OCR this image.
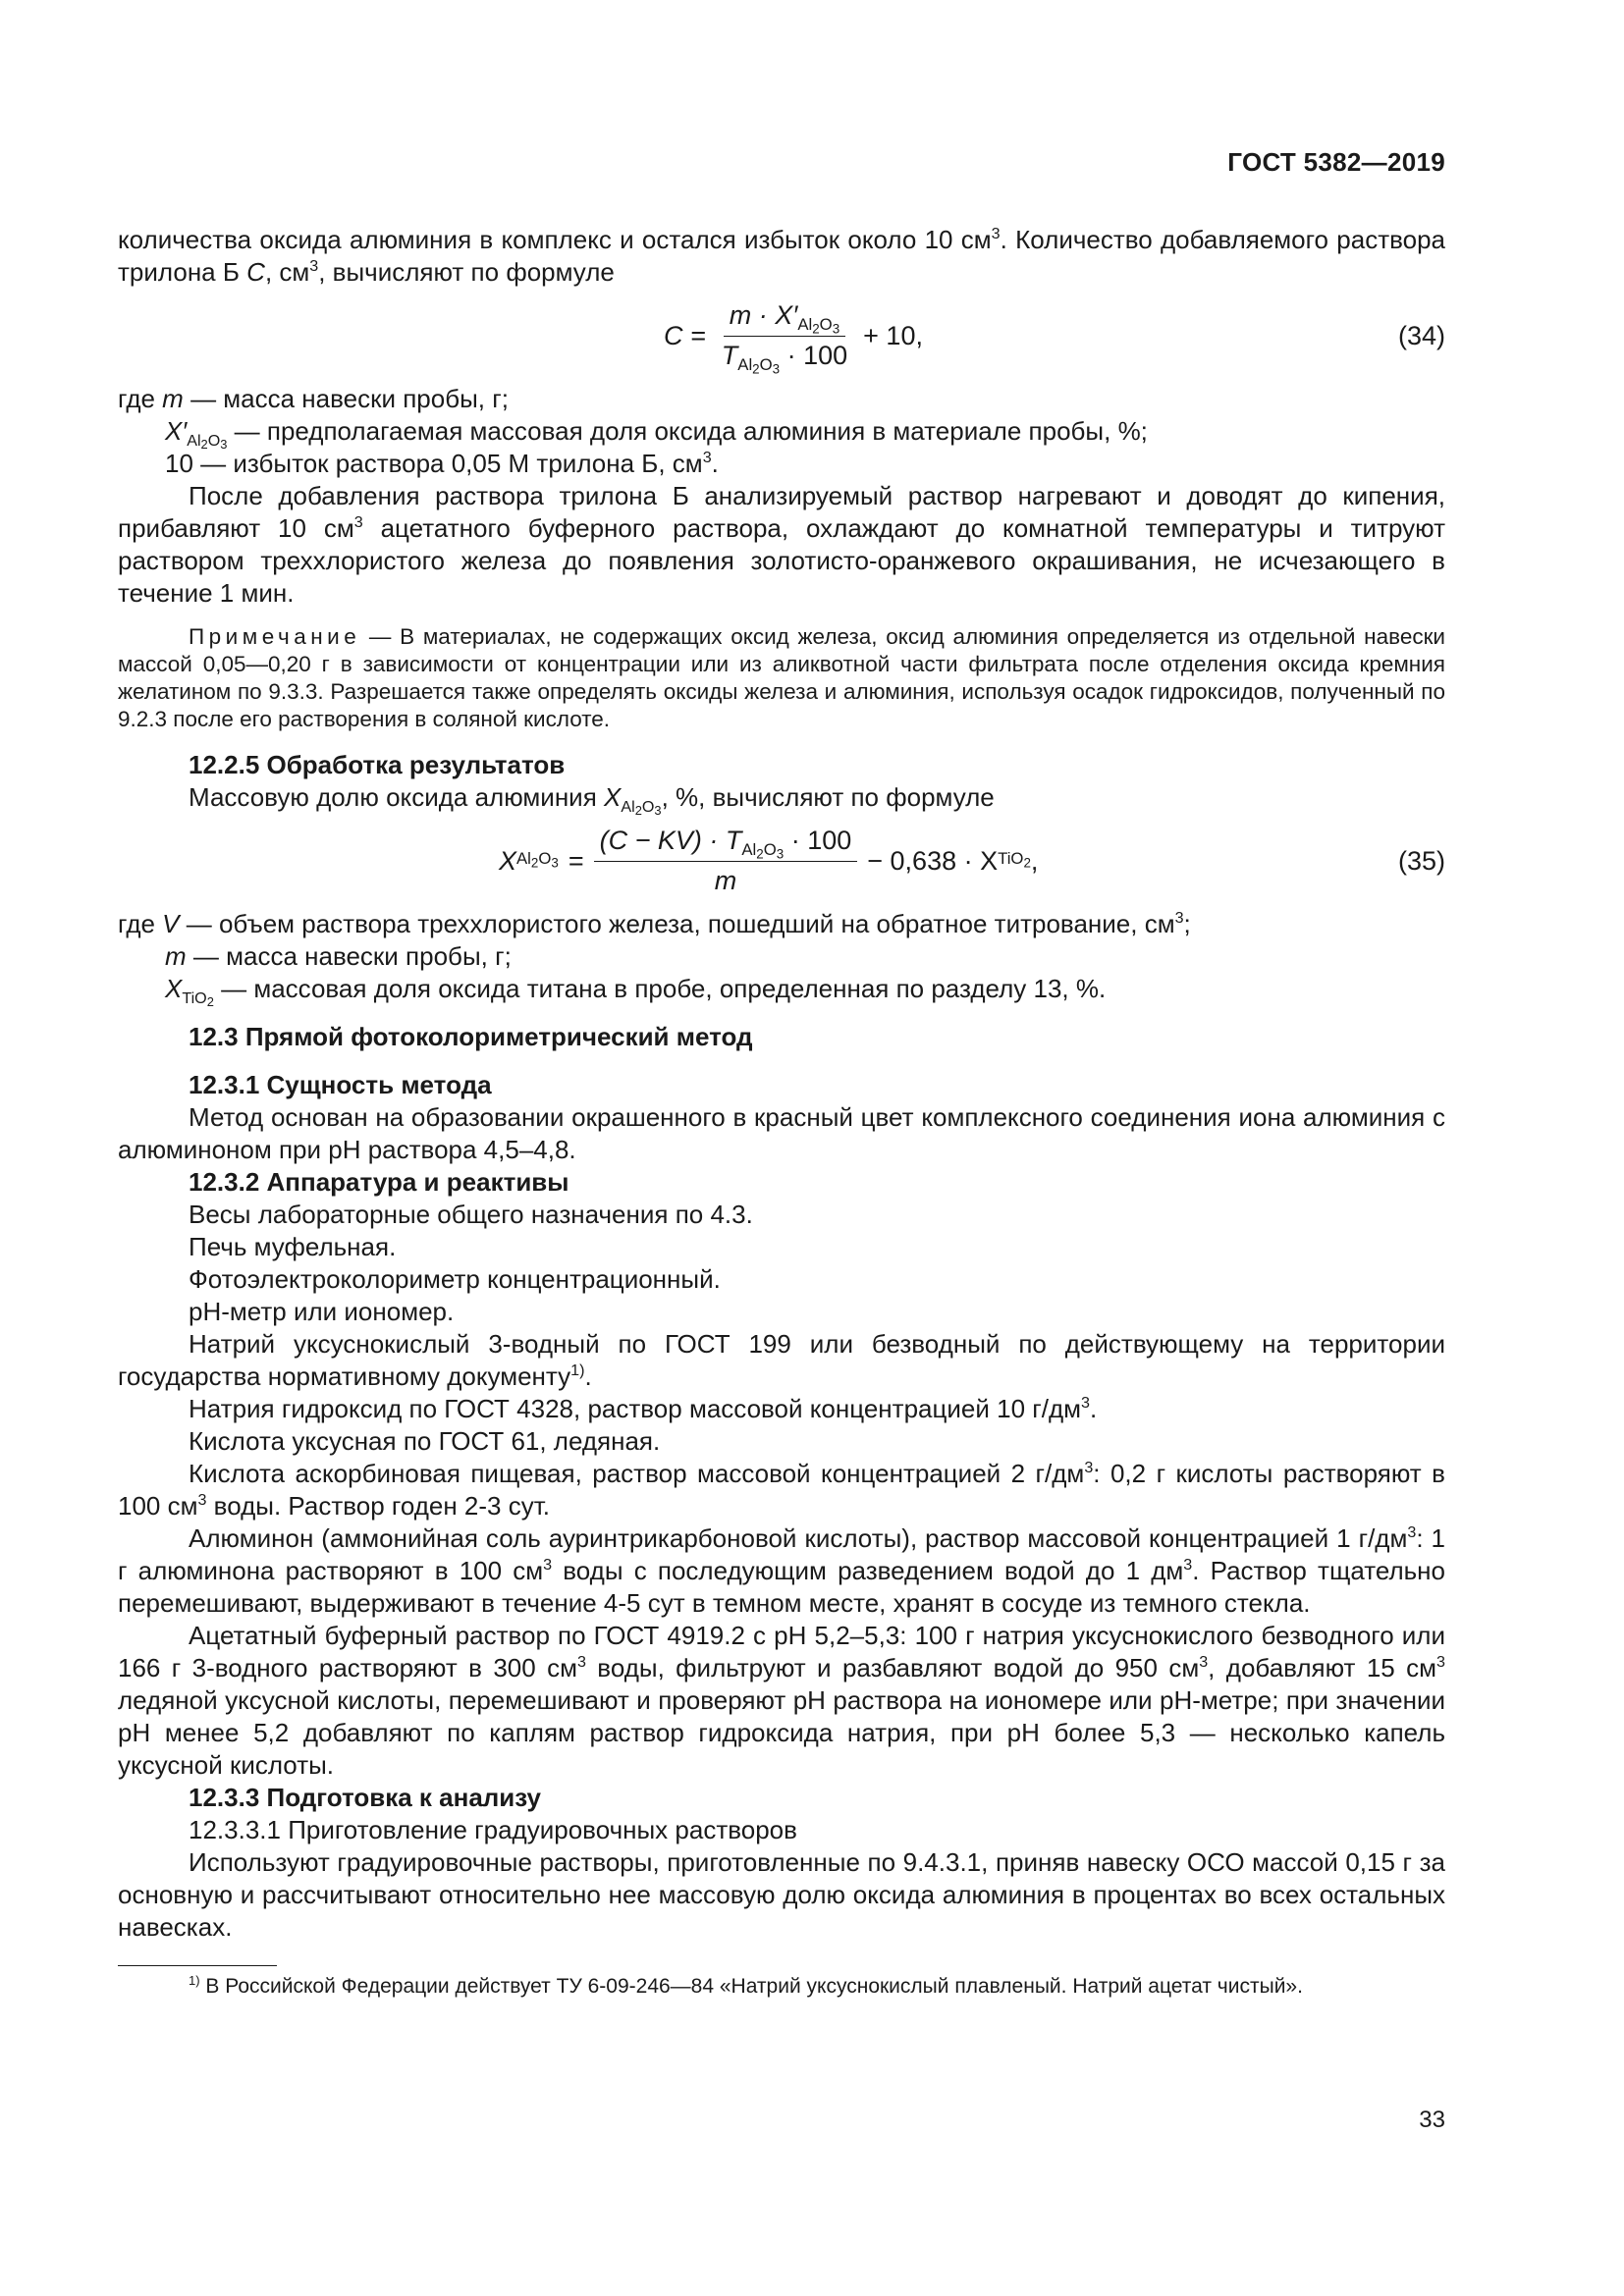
ГОСТ 5382—2019

количества оксида алюминия в комплекс и остался избыток около 10 $см^3$. Количество добавляемого раствора трилона Б С, $см^3$, вычисляют по формуле

$C = \frac{m \cdot X'_{Al_2O_3}}{T_{Al_2O_3} \cdot 100} + 10$,	(34)

где m — масса навески пробы, г;

$X'_{Al_2O_3}$ — предполагаемая массовая доля оксида алюминия в материале пробы, %;

10 — избыток раствора 0,05 М трилона Б, $см^3$.

После добавления раствора трилона Б анализируемый раствор нагревают и доводят до кипения, прибавляют 10 $см^3$ ацетатного буферного раствора, охлаждают до комнатной температуры и титруют раствором треххлористого железа до появления золотисто-оранжевого окрашивания, не исчезающего в течение 1 мин.

Примечание — В материалах, не содержащих оксид железа, оксид алюминия определяется из отдельной навески массой 0,05—0,20 г в зависимости от концентрации или из аликвотной части фильтрата после отделения оксида кремния желатином по 9.3.3. Разрешается также определять оксиды железа и алюминия, используя осадок гидроксидов, полученный по 9.2.3 после его растворения в соляной кислоте.

12.2.5 Обработка результатов

Массовую долю оксида алюминия $X_{Al_2O_3}$, %, вычисляют по формуле

X $Al_2O_3 = \frac{(C - KV) \cdot T_{Al_2O_3} \cdot 100}{m} - 0,638 \cdot X$ TiO$_2$ ,	(35)

где V — объем раствора треххлористого железа, пошедший на обратное титрование, $см^3$;

m — масса навески пробы, г;

$X_{TiO_2}$ — массовая доля оксида титана в пробе, определенная по разделу 13, %.

12.3 Прямой фотоколориметрический метод

12.3.1 Сущность метода

Метод основан на образовании окрашенного в красный цвет комплексного соединения иона алюминия с алюминоном при pH раствора 4,5–4,8.

12.3.2 Аппаратура и реактивы

Весы лабораторные общего назначения по 4.3.

Печь муфельная.

Фотоэлектроколориметр концентрационный.

pH-метр или иономер.

Натрий уксуснокислый 3-водный по ГОСТ 199 или безводный по действующему на территории государства нормативному документу$^{1)}$.

Натрия гидроксид по ГОСТ 4328, раствор массовой концентрацией 10 $г/дм^3$.

Кислота уксусная по ГОСТ 61, ледяная.

Кислота аскорбиновая пищевая, раствор массовой концентрацией 2 $г/дм^3$: 0,2 г кислоты растворяют в 100 $см^3$ воды. Раствор годен 2-3 сут.

Алюминон (аммонийная соль ауринтрикарбоновой кислоты), раствор массовой концентрацией 1 $г/дм^3$: 1 г алюминона растворяют в 100 $см^3$ воды с последующим разведением водой до 1 $дм^3$. Раствор тщательно перемешивают, выдерживают в течение 4-5 сут в темном месте, хранят в сосуде из темного стекла.

Ацетатный буферный раствор по ГОСТ 4919.2 с pH 5,2–5,3: 100 г натрия уксуснокислого безводного или 166 г 3-водного растворяют в 300 $см^3$ воды, фильтруют и разбавляют водой до 950 $см^3$, добавляют 15 $см^3$ ледяной уксусной кислоты, перемешивают и проверяют pH раствора на иономере или pH-метре; при значении pH менее 5,2 добавляют по каплям раствор гидроксида натрия, при pH более 5,3 — несколько капель уксусной кислоты.

12.3.3 Подготовка к анализу

12.3.3.1 Приготовление градуировочных растворов

Используют градуировочные растворы, приготовленные по 9.4.3.1, приняв навеску ОСО массой 0,15 г за основную и рассчитывают относительно нее массовую долю оксида алюминия в процентах во всех остальных навесках.

$^{1)}$ В Российской Федерации действует ТУ 6-09-246—84 «Натрий уксуснокислый плавленый. Натрий ацетат чистый».

33
